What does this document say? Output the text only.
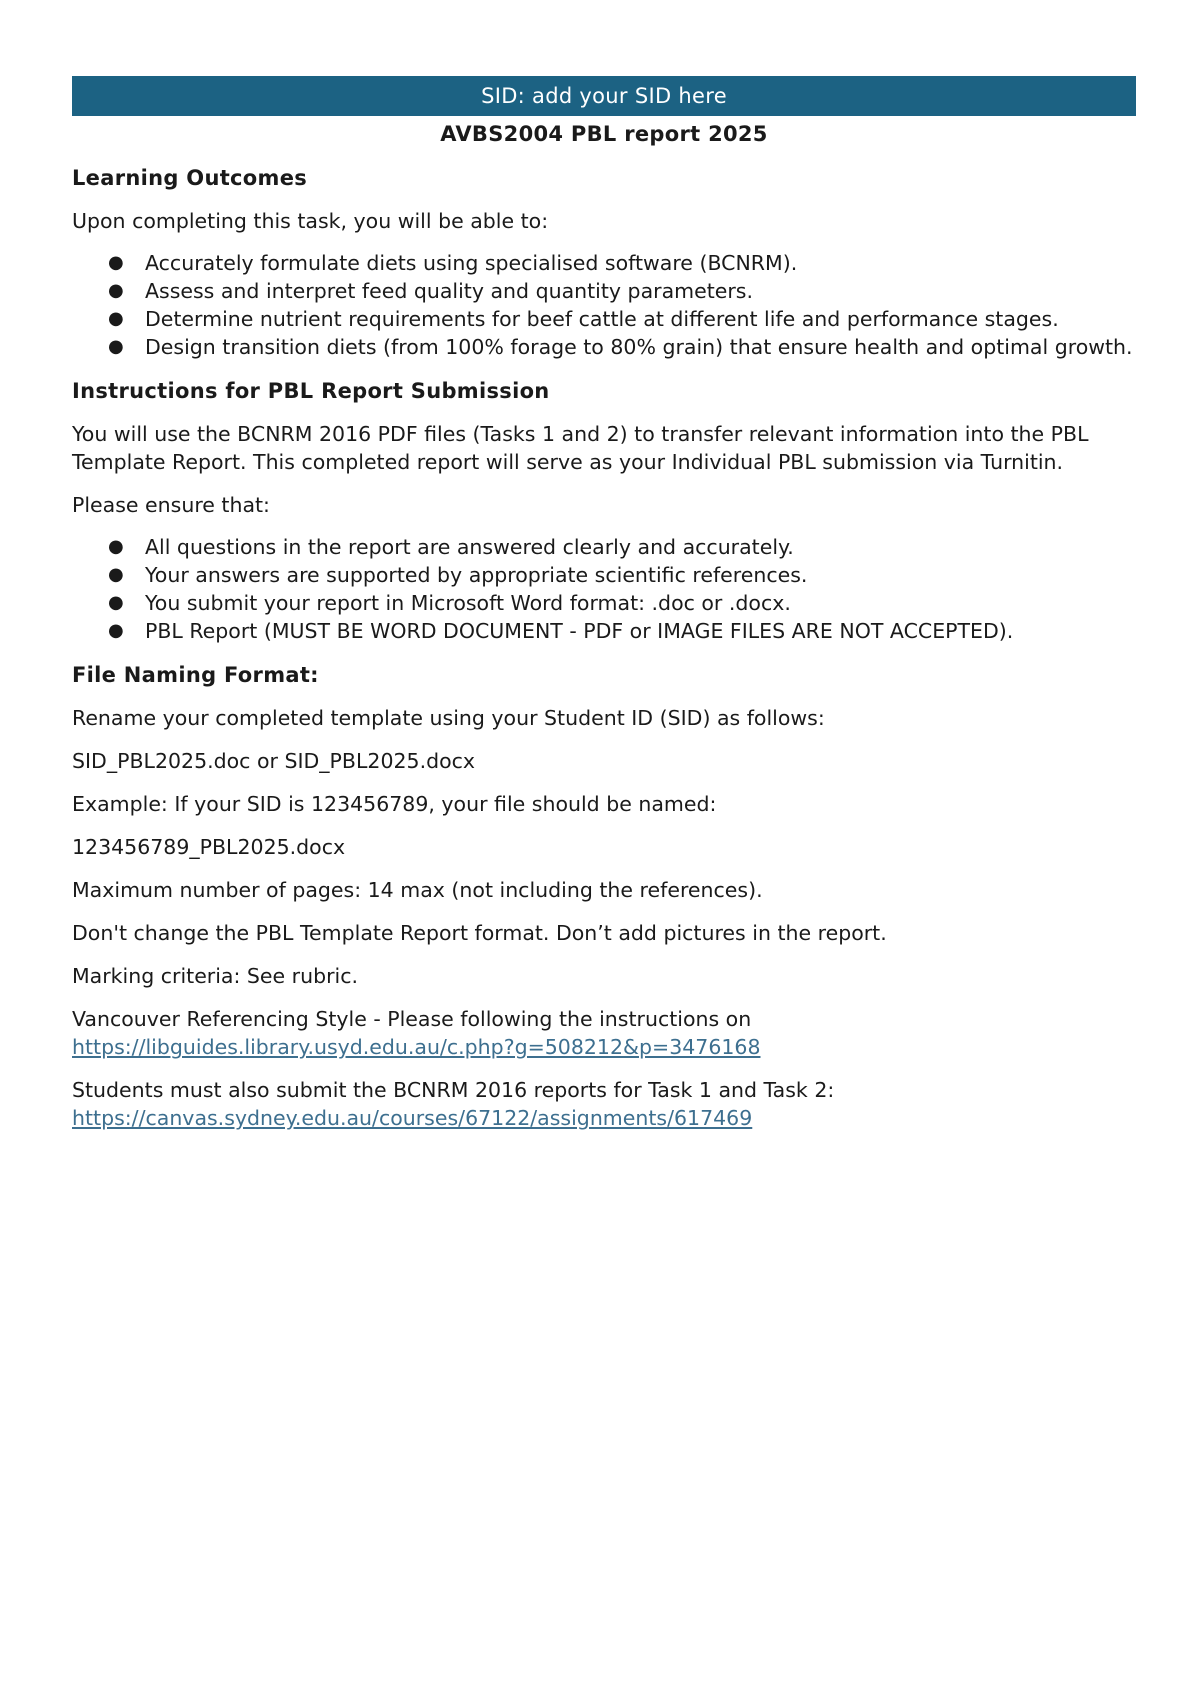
SID: add your SID here
AVBS2004 PBL report 2025
Learning Outcomes

Upon completing this task, you will be able to:

● Accurately formulate diets using specialised software (BCNRM).
● Assess and interpret feed quality and quantity parameters.
● Determine nutrient requirements for beef cattle at different life and performance stages.
● Design transition diets (from 100% forage to 80% grain) that ensure health and optimal growth.
Instructions for PBL Report Submission

You will use the BCNRM 2016 PDF files (Tasks 1 and 2) to transfer relevant information into the PBL Template Report. This completed report will serve as your Individual PBL submission via Turnitin.

Please ensure that:

● All questions in the report are answered clearly and accurately.
● Your answers are supported by appropriate scientific references.
● You submit your report in Microsoft Word format: .doc or .docx.
● PBL Report (MUST BE WORD DOCUMENT - PDF or IMAGE FILES ARE NOT ACCEPTED).
File Naming Format:

Rename your completed template using your Student ID (SID) as follows:

SID_PBL2025.doc or SID_PBL2025.docx

Example: If your SID is 123456789, your file should be named:

123456789_PBL2025.docx

Maximum number of pages: 14 max (not including the references).

Don't change the PBL Template Report format. Don’t add pictures in the report.

Marking criteria: See rubric.

Vancouver Referencing Style - Please following the instructions on
https://libguides.library.usyd.edu.au/c.php?g=508212&p=3476168

Students must also submit the BCNRM 2016 reports for Task 1 and Task 2:
https://canvas.sydney.edu.au/courses/67122/assignments/617469
